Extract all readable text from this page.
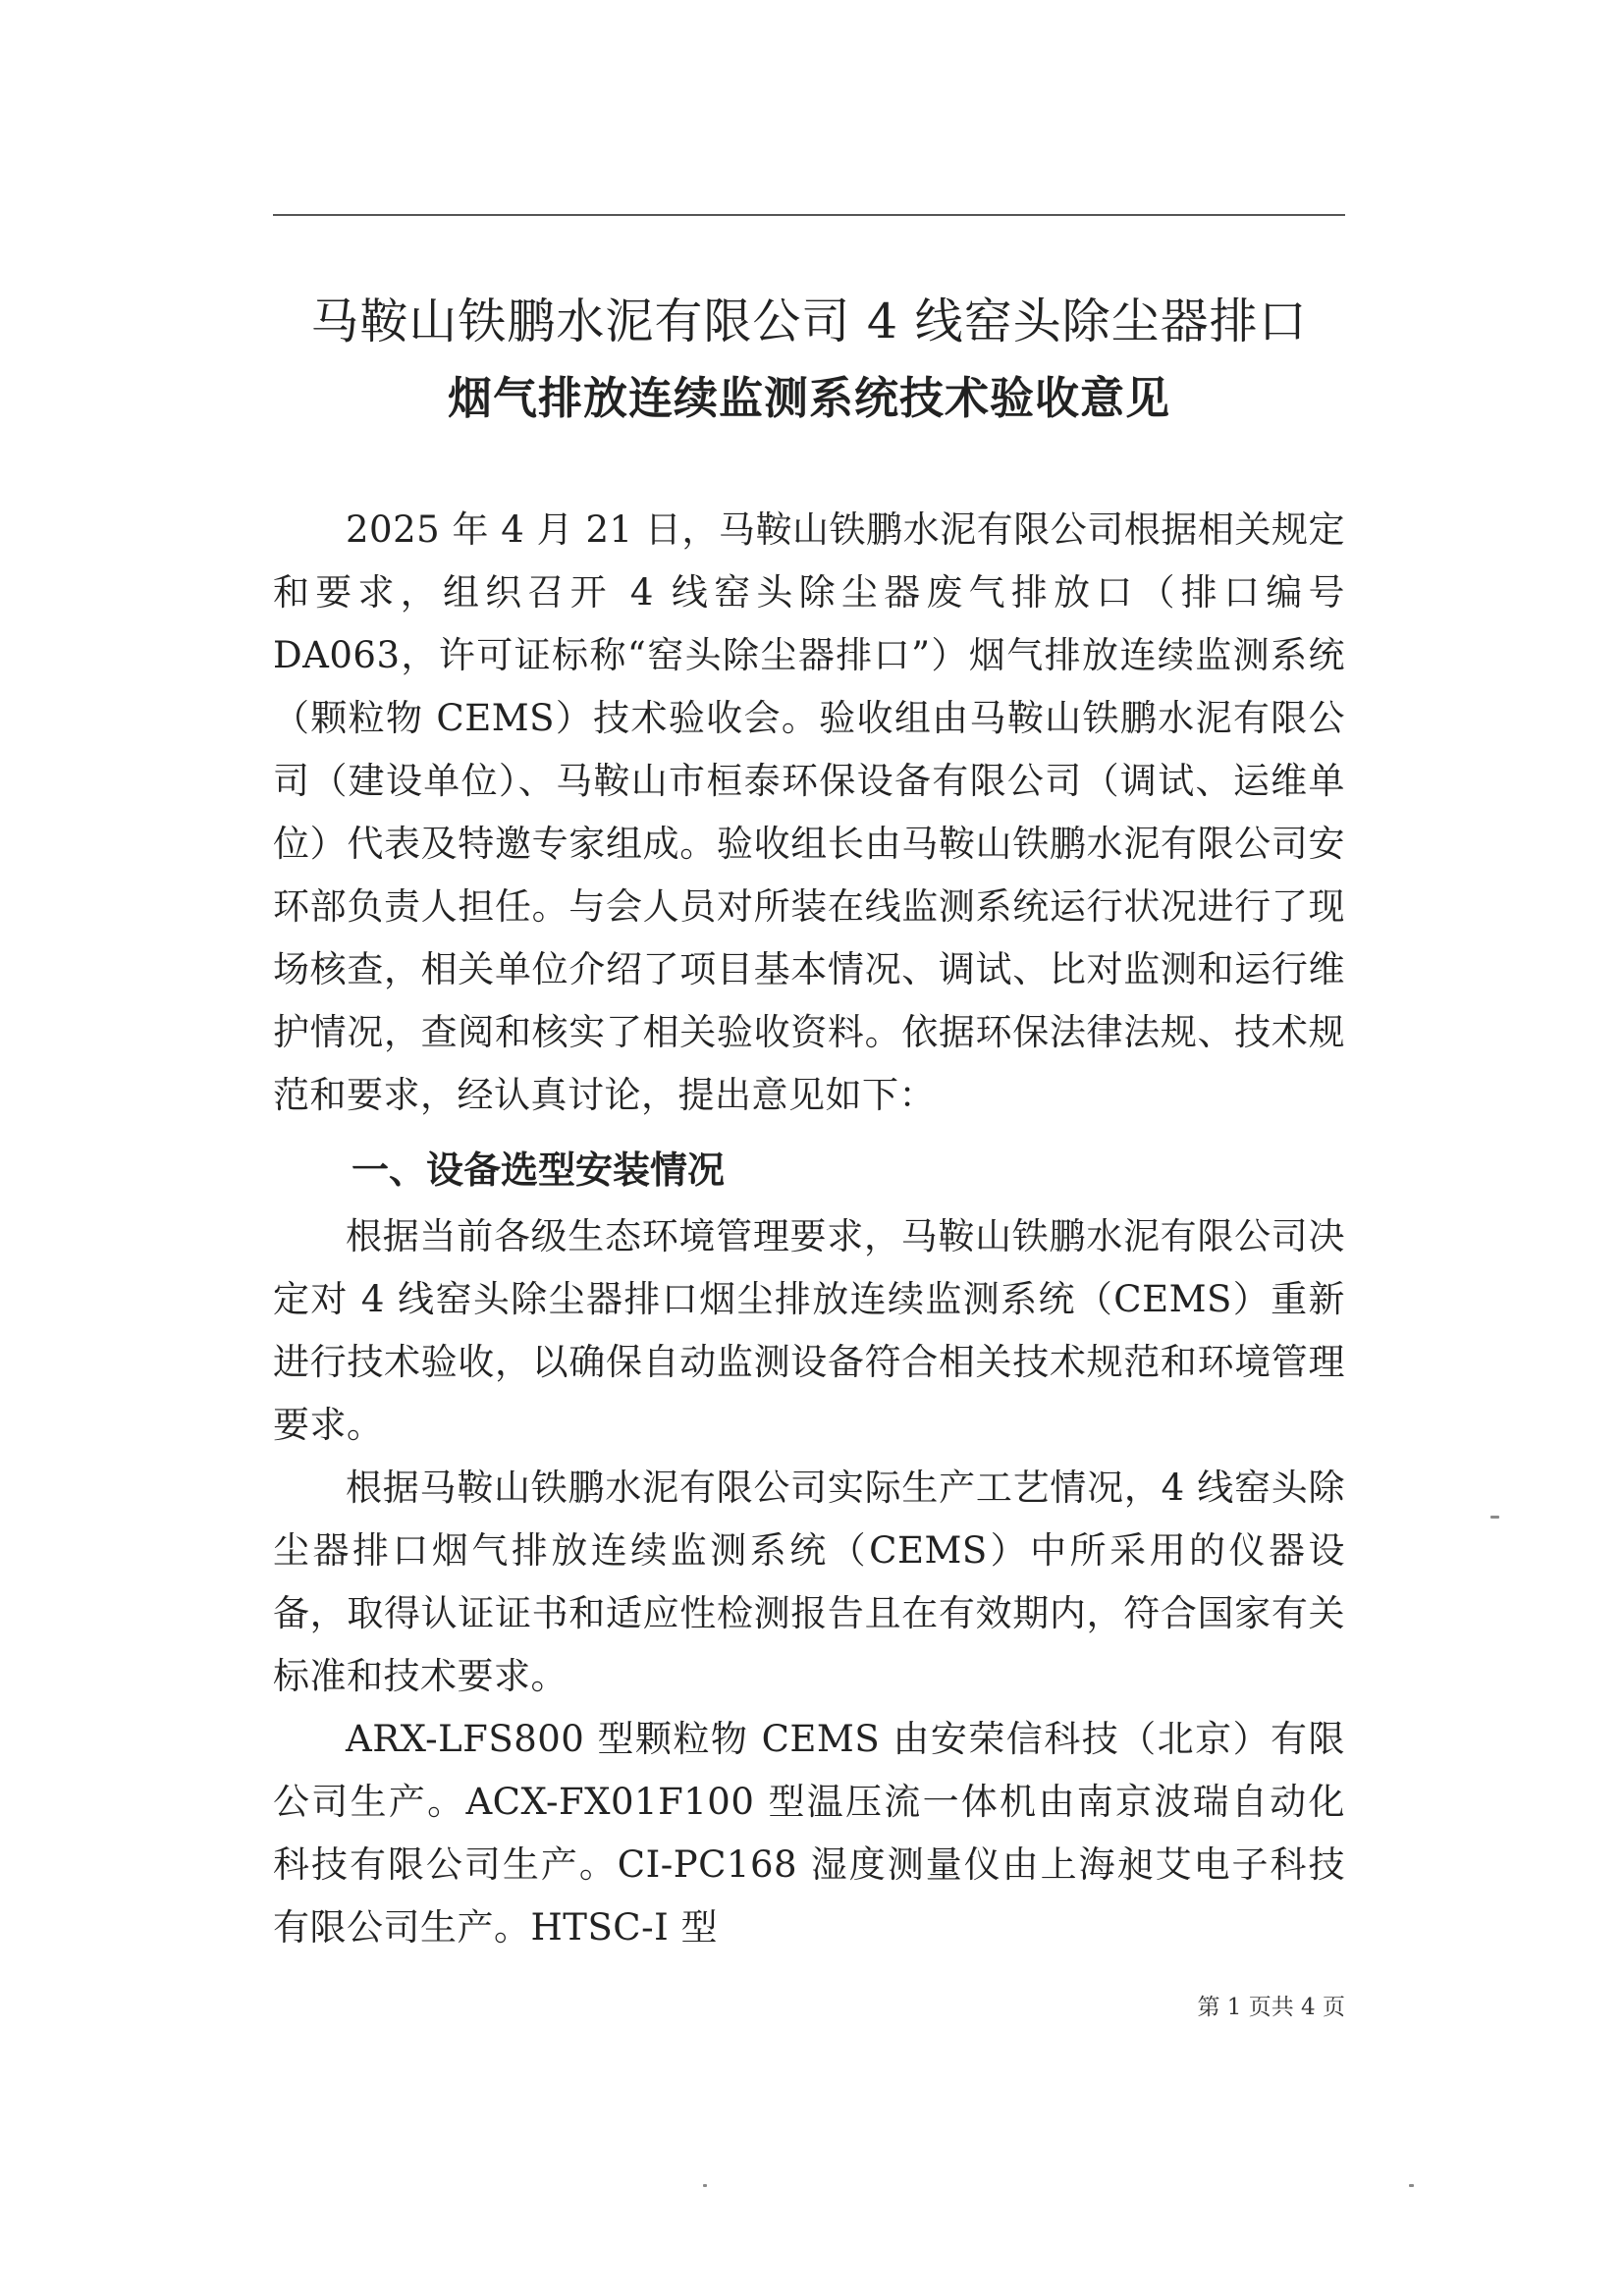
马鞍山铁鹏水泥有限公司 4 线窑头除尘器排口
烟气排放连续监测系统技术验收意见

2025 年 4 月 21 日，马鞍山铁鹏水泥有限公司根据相关规定和要求，组织召开 4 线窑头除尘器废气排放口（排口编号 DA063，许可证标称“窑头除尘器排口”）烟气排放连续监测系统（颗粒物 CEMS）技术验收会。验收组由马鞍山铁鹏水泥有限公司（建设单位）、马鞍山市桓泰环保设备有限公司（调试、运维单位）代表及特邀专家组成。验收组长由马鞍山铁鹏水泥有限公司安环部负责人担任。与会人员对所装在线监测系统运行状况进行了现场核查，相关单位介绍了项目基本情况、调试、比对监测和运行维护情况，查阅和核实了相关验收资料。依据环保法律法规、技术规范和要求，经认真讨论，提出意见如下：

一、设备选型安装情况

根据当前各级生态环境管理要求，马鞍山铁鹏水泥有限公司决定对 4 线窑头除尘器排口烟尘排放连续监测系统（CEMS）重新进行技术验收，以确保自动监测设备符合相关技术规范和环境管理要求。

根据马鞍山铁鹏水泥有限公司实际生产工艺情况，4 线窑头除尘器排口烟气排放连续监测系统（CEMS）中所采用的仪器设备，取得认证证书和适应性检测报告且在有效期内，符合国家有关标准和技术要求。

ARX-LFS800 型颗粒物 CEMS 由安荣信科技（北京）有限公司生产。ACX-FX01F100 型温压流一体机由南京波瑞自动化科技有限公司生产。CI-PC168 湿度测量仪由上海昶艾电子科技有限公司生产。HTSC-I 型

第 1 页共 4 页
